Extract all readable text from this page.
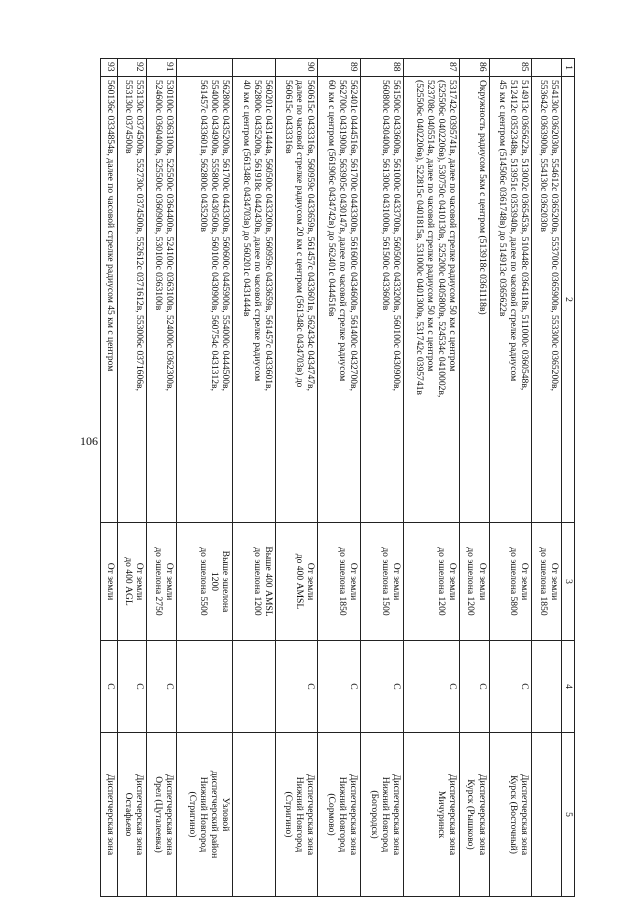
106
1	2	3	4	5

	554130с 0362030в, 554612с 0365200в, 553700с 0365900в, 553300с 0365200в,
553642с 0363900в, 554130с 0362030в	От земли
до эшелона 1850		

85	514913с 0365622в, 513002с 0365453в, 510448с 0364118в, 511000с 0360548в,
512412с 0352348в, 513951с 0353940в, далее по часовой стрелке радиусом
45 км с центром (514506с 0361748в) до 514913с 0365622в	От земли
до эшелона 5800	С	Диспетчерская зона
Курск (Восточный)

86	Окружность радиусом 5км с центром (513918с 0361118в)	От земли
до эшелона 1200	С	Диспетчерская зона
Курск (Рышково)

87	531742с 0395741в, далее по часовой стрелке радиусом 50 км с центром
(525506с 0402206в), 530750с 0410130в, 525200с 0405800в, 524534с 0410002в,
523708с 0405514в, далее по часовой стрелке радиусом 50 км с центром
(525506с 0402206в), 522815с 0401815в, 531000с 0401300в, 531742с 0395741в	От земли
до эшелона 1200	С	Диспетчерская зона
Мичуринск

88	561500с 0433600в, 561000с 0433700в, 560500с 0433200в, 560100с 0430900в,
560800с 0430400в, 561300с 0431000в, 561500с 0433600в	От земли
до эшелона 1500	С	Диспетчерская зона
Нижний Новгород
(Богородск)

89	562401с 0444516в, 561700с 0443300в, 561600с 0434600в, 561400с 0432700в,
562700с 0431900в, 563905с 0430147в, далее по часовой стрелке радиусом
60 км с центром (561906с 0434742в) до 562401с 0444516в	От земли
до эшелона 1850	С	Диспетчерская зона
Нижний Новгород
(Сормово)

90	560615с 0433316в, 560959с 0433659в, 561457с 0433601в, 562434с 0434747в,
далее по часовой стрелке радиусом 20 км с центром (561348с 0434703в) до
560615с 0433316в	От земли
до 400 AMSL	С	Диспетчерская зона
Нижний Новгород
(Стригино)

	560201с 0431444в, 560500с 0433200в, 560959с 0433659в, 561457с 0433601в,
562800с 0435200в, 561918с 0442430в, далее по часовой стрелке радиусом
40 км с центром (561348с 0434703в) до 560201с 0431444в	Выше 400 AMSL
до эшелона 1200		

	562800с 0435200в, 561700с 0443300в, 560600с 0445900в, 554000с 0444500в,
554000с 0434900в, 555800с 0430500в, 560100с 0430900в, 560754с 0431312в,
561457с 0433601в, 562800с 0435200в	Выше эшелона
1200
до эшелона 5500		Узловой
диспетчерский район
Нижний Новгород
(Стригино)

91	530100с 0363100в, 525500с 0364400в, 524100с 0363100в, 524000с 0362300в,
524600с 0360400в, 525500с 0360900в, 530100с 0363100в	От земли
до эшелона 2750	С	Диспетчерская зона
Орел (Цуталеевка)

92	553130с 0374500в, 552730с 0374500в, 552612с 0371612в, 553006с 0371606в,
553130с 0374500в	От земли
до 400 AGL	С	Диспетчерская зона
Остафьево

93	560136с 0334854в, далее по часовой стрелке радиусом 45 км с центром	От земли	С	Диспетчерская зона
